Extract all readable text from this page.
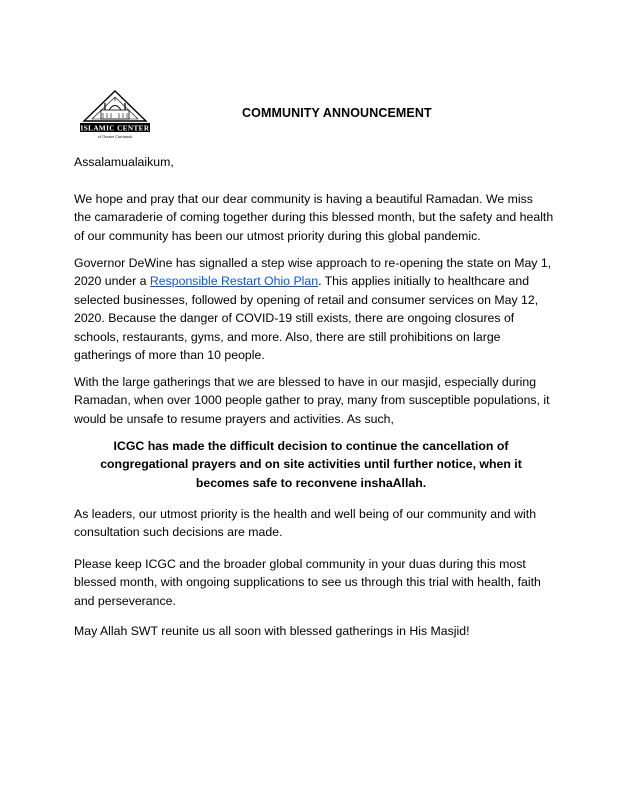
ISLAMIC CENTER
of Greater Cincinnati
COMMUNITY ANNOUNCEMENT

Assalamualaikum,

We hope and pray that our dear community is having a beautiful Ramadan. We miss
the camaraderie of coming together during this blessed month, but the safety and health
of our community has been our utmost priority during this global pandemic.

Governor DeWine has signalled a step wise approach to re-opening the state on May 1,
2020 under a Responsible Restart Ohio Plan. This applies initially to healthcare and
selected businesses, followed by opening of retail and consumer services on May 12,
2020. Because the danger of COVID-19 still exists, there are ongoing closures of
schools, restaurants, gyms, and more. Also, there are still prohibitions on large
gatherings of more than 10 people.

With the large gatherings that we are blessed to have in our masjid, especially during
Ramadan, when over 1000 people gather to pray, many from susceptible populations, it
would be unsafe to resume prayers and activities. As such,

ICGC has made the difficult decision to continue the cancellation of
congregational prayers and on site activities until further notice, when it
becomes safe to reconvene inshaAllah.

As leaders, our utmost priority is the health and well being of our community and with
consultation such decisions are made.

Please keep ICGC and the broader global community in your duas during this most
blessed month, with ongoing supplications to see us through this trial with health, faith
and perseverance.

May Allah SWT reunite us all soon with blessed gatherings in His Masjid!
